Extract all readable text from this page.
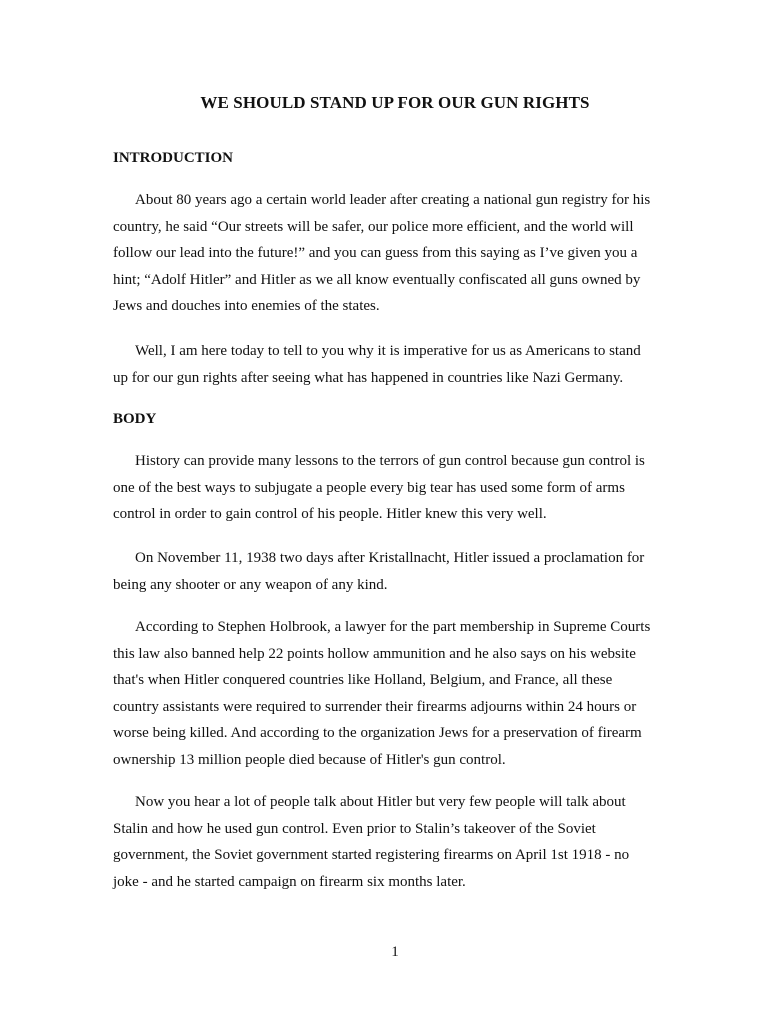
WE SHOULD STAND UP FOR OUR GUN RIGHTS
INTRODUCTION

About 80 years ago a certain world leader after creating a national gun registry for his
country, he said “Our streets will be safer, our police more efficient, and the world will
follow our lead into the future!” and you can guess from this saying as I’ve given you a
hint; “Adolf Hitler” and Hitler as we all know eventually confiscated all guns owned by
Jews and douches into enemies of the states.

Well, I am here today to tell to you why it is imperative for us as Americans to stand
up for our gun rights after seeing what has happened in countries like Nazi Germany.

BODY

History can provide many lessons to the terrors of gun control because gun control is
one of the best ways to subjugate a people every big tear has used some form of arms
control in order to gain control of his people. Hitler knew this very well.

On November 11, 1938 two days after Kristallnacht, Hitler issued a proclamation for
being any shooter or any weapon of any kind.

According to Stephen Holbrook, a lawyer for the part membership in Supreme Courts
this law also banned help 22 points hollow ammunition and he also says on his website
that's when Hitler conquered countries like Holland, Belgium, and France, all these
country assistants were required to surrender their firearms adjourns within 24 hours or
worse being killed. And according to the organization Jews for a preservation of firearm
ownership 13 million people died because of Hitler's gun control.

Now you hear a lot of people talk about Hitler but very few people will talk about
Stalin and how he used gun control. Even prior to Stalin’s takeover of the Soviet
government, the Soviet government started registering firearms on April 1st 1918 - no
joke - and he started campaign on firearm six months later.

1
